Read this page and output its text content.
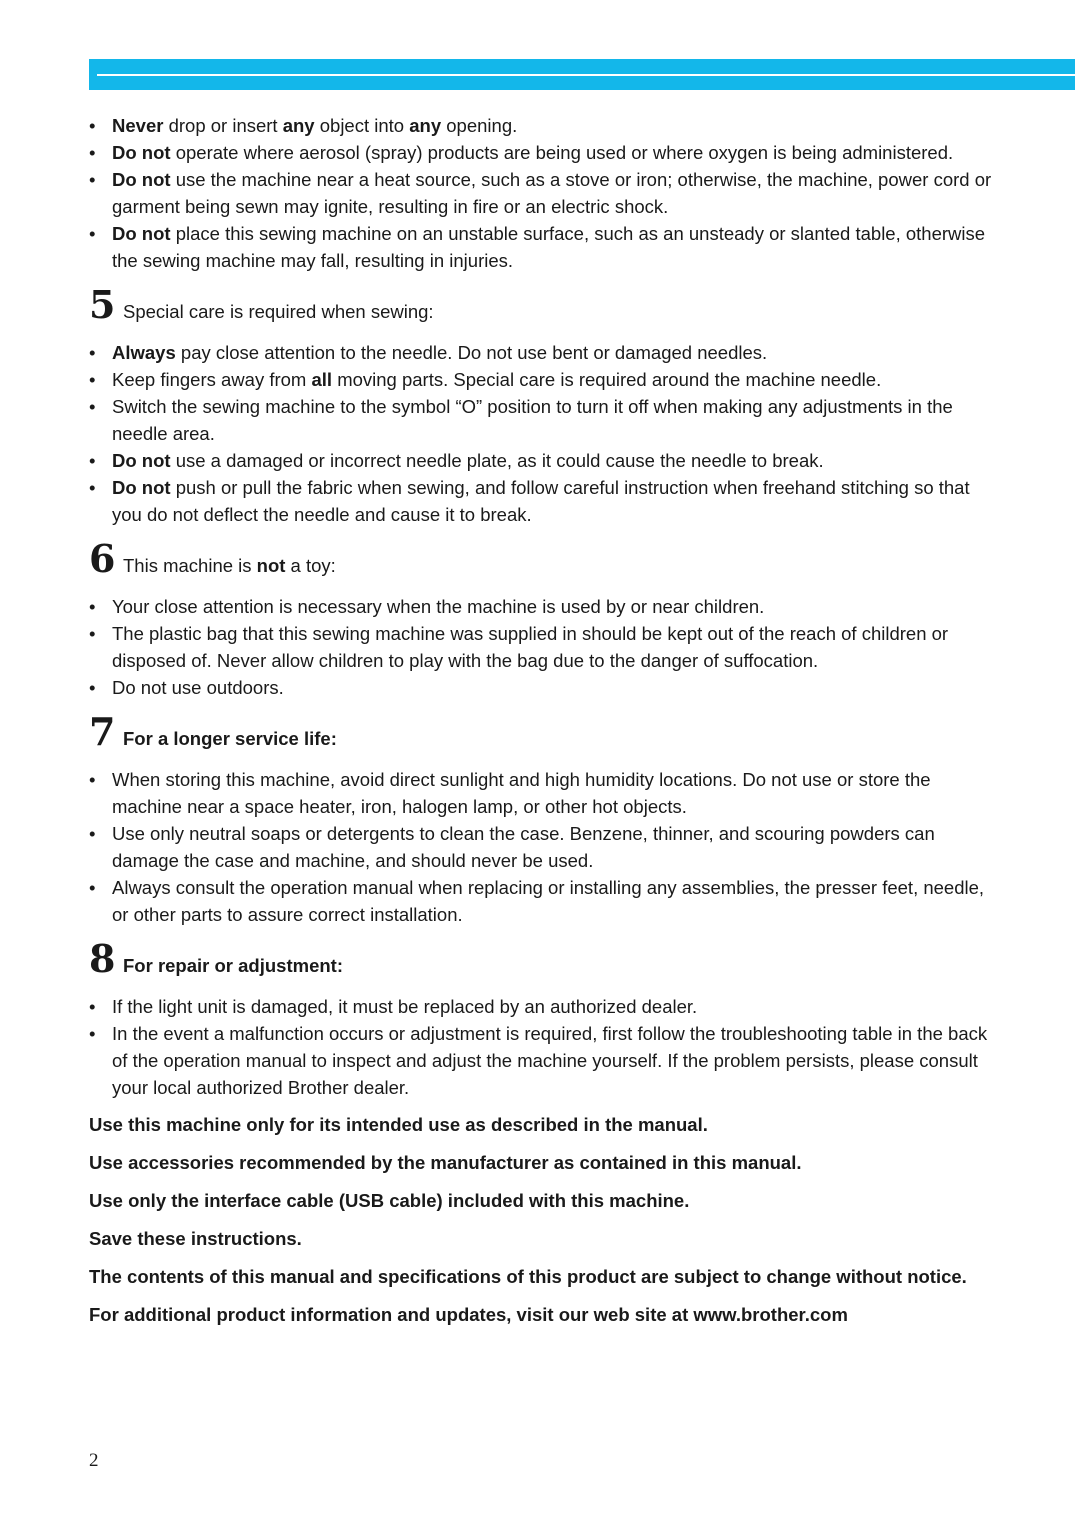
• Never drop or insert any object into any opening.
• Do not operate where aerosol (spray) products are being used or where oxygen is being administered.
• Do not use the machine near a heat source, such as a stove or iron; otherwise, the machine, power cord or garment being sewn may ignite, resulting in fire or an electric shock.
• Do not place this sewing machine on an unstable surface, such as an unsteady or slanted table, otherwise the sewing machine may fall, resulting in injuries.
5 Special care is required when sewing:
• Always pay close attention to the needle. Do not use bent or damaged needles.
• Keep fingers away from all moving parts. Special care is required around the machine needle.
• Switch the sewing machine to the symbol “O” position to turn it off when making any adjustments in the needle area.
• Do not use a damaged or incorrect needle plate, as it could cause the needle to break.
• Do not push or pull the fabric when sewing, and follow careful instruction when freehand stitching so that you do not deflect the needle and cause it to break.
6 This machine is not a toy:
• Your close attention is necessary when the machine is used by or near children.
• The plastic bag that this sewing machine was supplied in should be kept out of the reach of children or disposed of. Never allow children to play with the bag due to the danger of suffocation.
• Do not use outdoors.
7 For a longer service life:
• When storing this machine, avoid direct sunlight and high humidity locations. Do not use or store the machine near a space heater, iron, halogen lamp, or other hot objects.
• Use only neutral soaps or detergents to clean the case. Benzene, thinner, and scouring powders can damage the case and machine, and should never be used.
• Always consult the operation manual when replacing or installing any assemblies, the presser feet, needle, or other parts to assure correct installation.
8 For repair or adjustment:
• If the light unit is damaged, it must be replaced by an authorized dealer.
• In the event a malfunction occurs or adjustment is required, first follow the troubleshooting table in the back of the operation manual to inspect and adjust the machine yourself. If the problem persists, please consult your local authorized Brother dealer.

Use this machine only for its intended use as described in the manual.

Use accessories recommended by the manufacturer as contained in this manual.

Use only the interface cable (USB cable) included with this machine.

Save these instructions.

The contents of this manual and specifications of this product are subject to change without notice.

For additional product information and updates, visit our web site at www.brother.com

2
